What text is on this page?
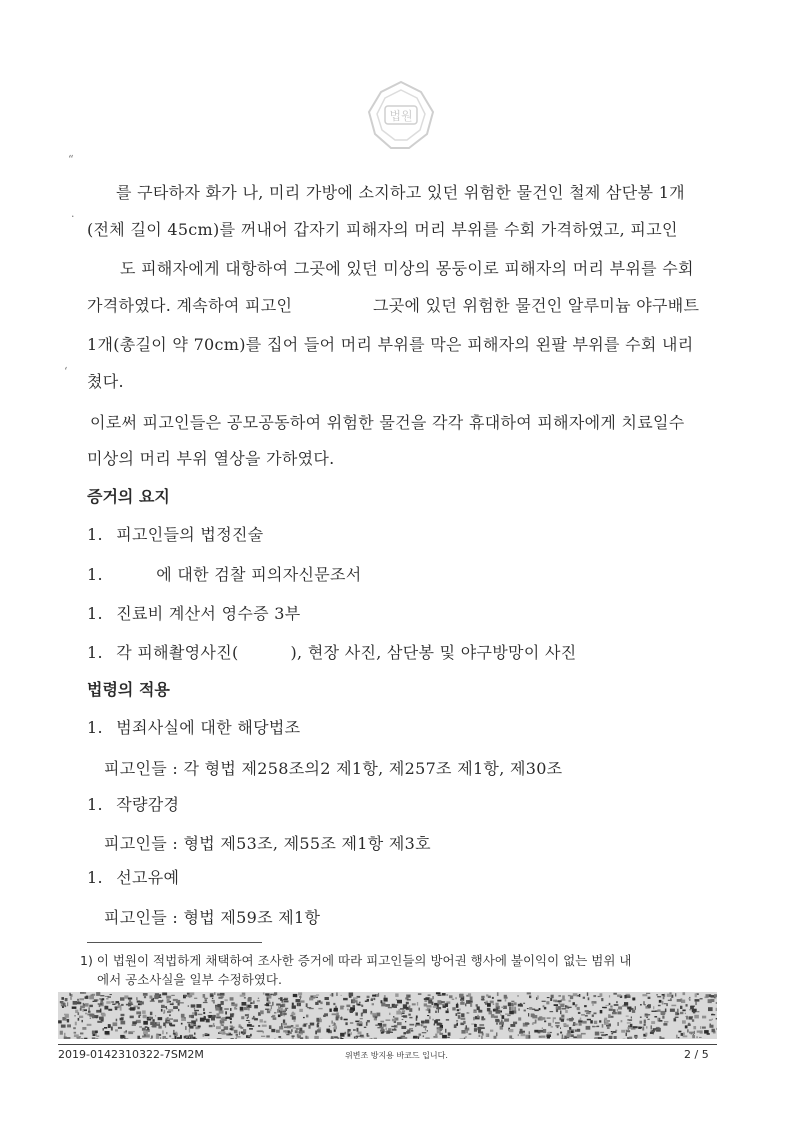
법원
“
·
‘
를 구타하자 화가 나, 미리 가방에 소지하고 있던 위험한 물건인 철제 삼단봉 1개
(전체 길이 45cm)를 꺼내어 갑자기 피해자의 머리 부위를 수회 가격하였고, 피고인
도 피해자에게 대항하여 그곳에 있던 미상의 몽둥이로 피해자의 머리 부위를 수회
가격하였다. 계속하여 피고인	그곳에 있던 위험한 물건인 알루미늄 야구배트
1개(총길이 약 70cm)를 집어 들어 머리 부위를 막은 피해자의 왼팔 부위를 수회 내리
쳤다.
이로써 피고인들은 공모공동하여 위험한 물건을 각각 휴대하여 피해자에게 치료일수
미상의 머리 부위 열상을 가하였다.
증거의 요지
1. 피고인들의 법정진술
1.	에 대한 검찰 피의자신문조서
1. 진료비 계산서 영수증 3부
1. 각 피해촬영사진(	), 현장 사진, 삼단봉 및 야구방망이 사진
법령의 적용
1. 범죄사실에 대한 해당법조
피고인들 : 각 형법 제258조의2 제1항, 제257조 제1항, 제30조
1. 작량감경
피고인들 : 형법 제53조, 제55조 제1항 제3호
1. 선고유예
피고인들 : 형법 제59조 제1항
1) 이 법원이 적법하게 채택하여 조사한 증거에 따라 피고인들의 방어권 행사에 불이익이 없는 범위 내
에서 공소사실을 일부 수정하였다.
2019-0142310322-7SM2M	위변조 방지용 바코드 입니다.	2 / 5
